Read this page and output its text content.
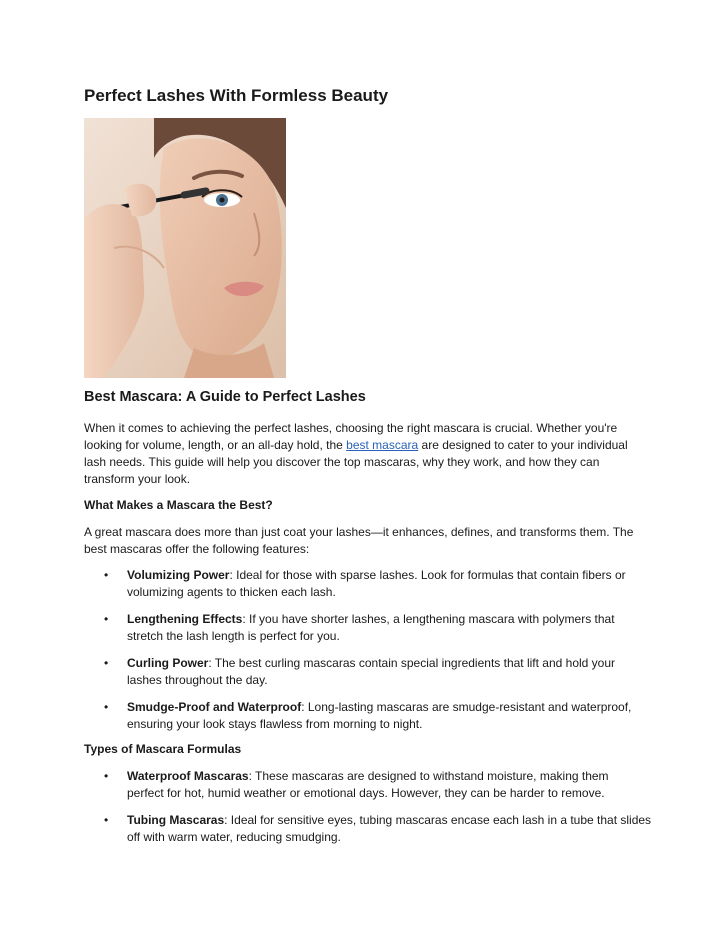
Perfect Lashes With Formless Beauty
Best Mascara: A Guide to Perfect Lashes

When it comes to achieving the perfect lashes, choosing the right mascara is crucial. Whether you're
looking for volume, length, or an all-day hold, the best mascara are designed to cater to your individual
lash needs. This guide will help you discover the top mascaras, why they work, and how they can
transform your look.

What Makes a Mascara the Best?

A great mascara does more than just coat your lashes—it enhances, defines, and transforms them. The
best mascaras offer the following features:

• Volumizing Power: Ideal for those with sparse lashes. Look for formulas that contain fibers or
volumizing agents to thicken each lash.
• Lengthening Effects: If you have shorter lashes, a lengthening mascara with polymers that
stretch the lash length is perfect for you.
• Curling Power: The best curling mascaras contain special ingredients that lift and hold your
lashes throughout the day.
• Smudge-Proof and Waterproof: Long-lasting mascaras are smudge-resistant and waterproof,
ensuring your look stays flawless from morning to night.
Types of Mascara Formulas
• Waterproof Mascaras: These mascaras are designed to withstand moisture, making them
perfect for hot, humid weather or emotional days. However, they can be harder to remove.
• Tubing Mascaras: Ideal for sensitive eyes, tubing mascaras encase each lash in a tube that slides
off with warm water, reducing smudging.
